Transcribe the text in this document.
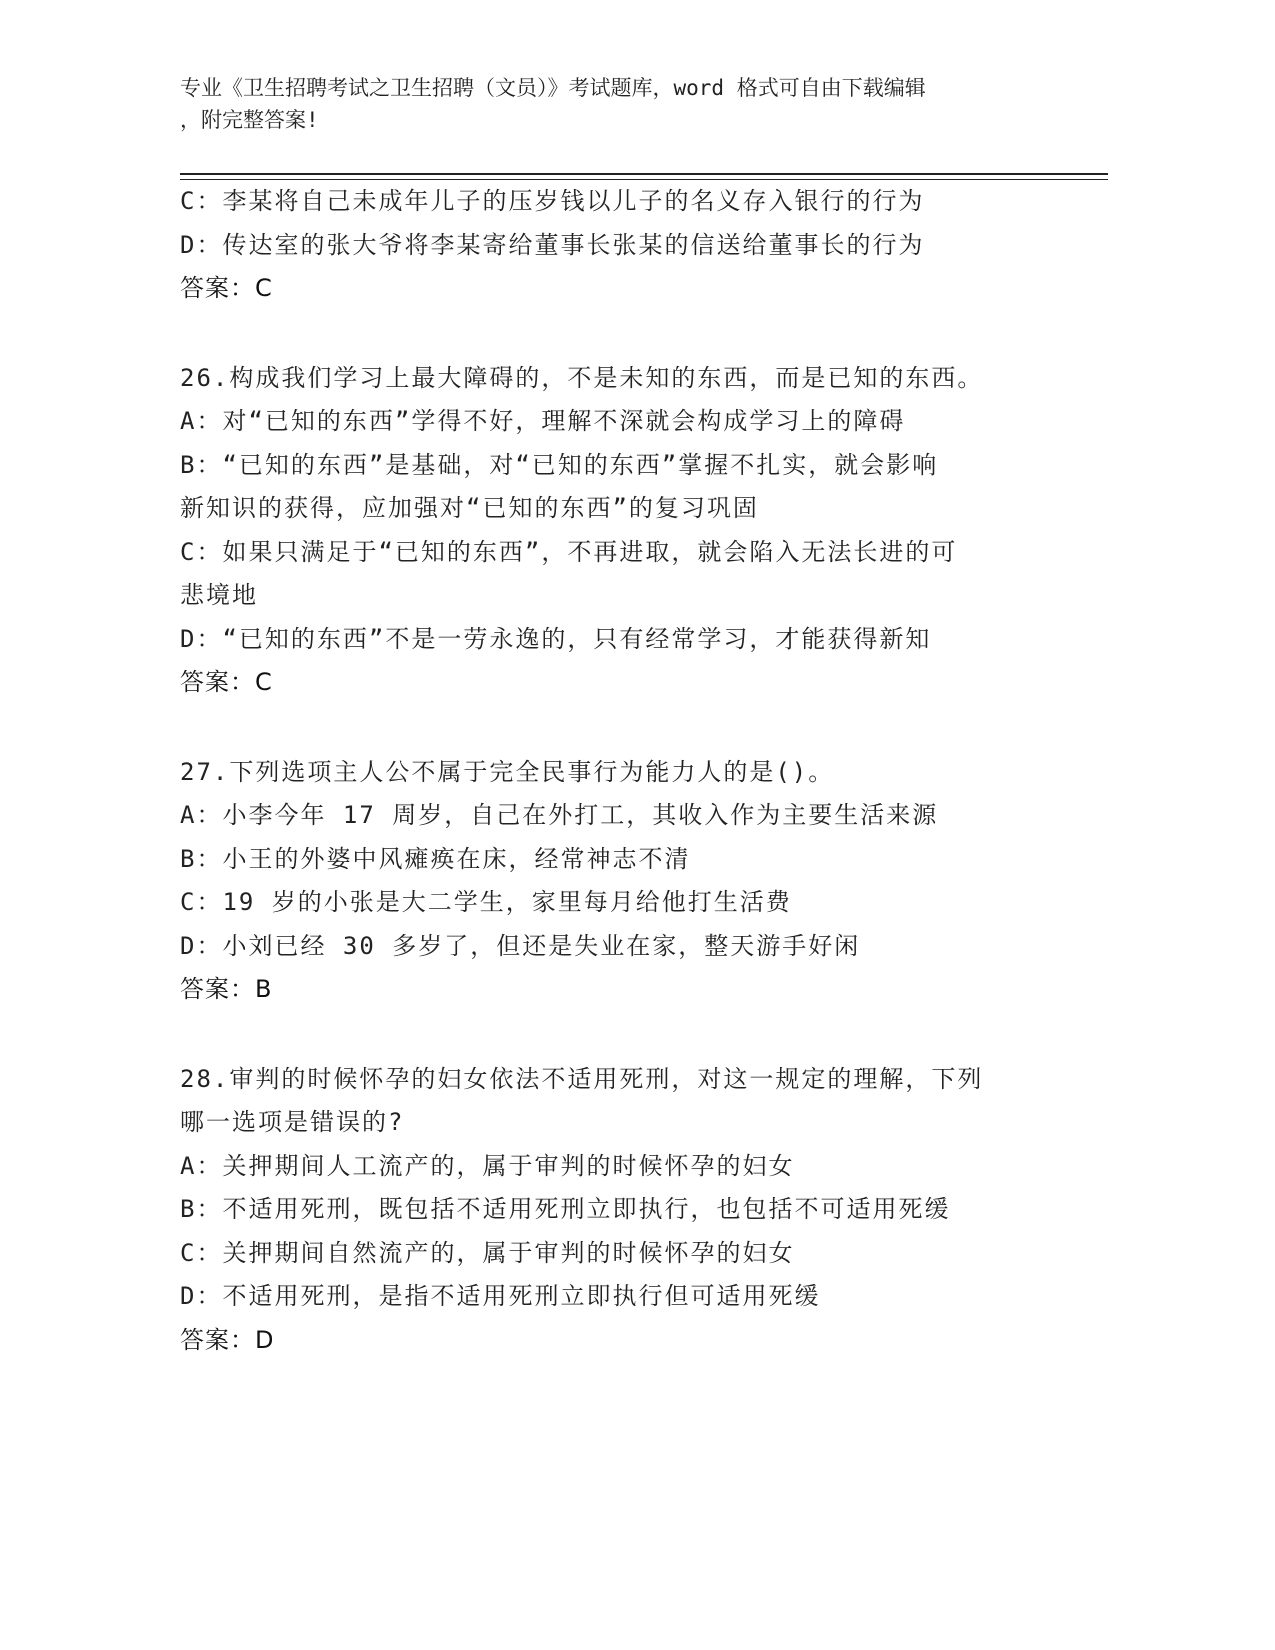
专业《卫生招聘考试之卫生招聘（文员）》考试题库，word 格式可自由下载编辑
，附完整答案!
C：李某将自己未成年儿子的压岁钱以儿子的名义存入银行的行为
D：传达室的张大爷将李某寄给董事长张某的信送给董事长的行为
答案：C
26.构成我们学习上最大障碍的，不是未知的东西，而是已知的东西。
A：对“已知的东西”学得不好，理解不深就会构成学习上的障碍
B：“已知的东西”是基础，对“已知的东西”掌握不扎实，就会影响
新知识的获得，应加强对“已知的东西”的复习巩固
C：如果只满足于“已知的东西”，不再进取，就会陷入无法长进的可
悲境地
D：“已知的东西”不是一劳永逸的，只有经常学习，才能获得新知
答案：C
27.下列选项主人公不属于完全民事行为能力人的是()。
A：小李今年 17 周岁，自己在外打工，其收入作为主要生活来源
B：小王的外婆中风瘫痪在床，经常神志不清
C：19 岁的小张是大二学生，家里每月给他打生活费
D：小刘已经 30 多岁了，但还是失业在家，整天游手好闲
答案：B
28.审判的时候怀孕的妇女依法不适用死刑，对这一规定的理解，下列
哪一选项是错误的?
A：关押期间人工流产的，属于审判的时候怀孕的妇女
B：不适用死刑，既包括不适用死刑立即执行，也包括不可适用死缓
C：关押期间自然流产的，属于审判的时候怀孕的妇女
D：不适用死刑，是指不适用死刑立即执行但可适用死缓
答案：D
